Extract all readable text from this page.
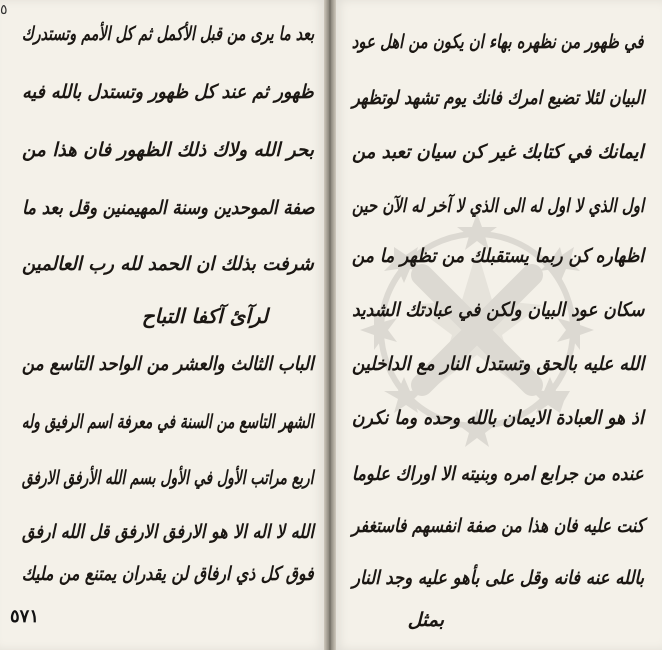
٥
بعد ما يرى من قبل الأكمل ثم كل الأمم وتستدرك
ظهور ثم عند كل ظهور وتستدل بالله فيه
بحر الله ولاك ذلك الظهور فان هذا من
صفة الموحدين وسنة المهيمنين وقل بعد ما
شرفت بذلك ان الحمد لله رب العالمين
لرآئ آكفا التباح
الباب الثالث والعشر من الواحد التاسع من
الشهر التاسع من السنة في معرفة اسم الرفيق وله
اربع مراتب الأول في الأول بسم الله الأرفق الارفق
الله لا اله الا هو الارفق الارفق قل الله ارفق
فوق كل ذي ارفاق لن يقدران يمتنع من مليك
في ظهور من نظهره بهاء ان يكون من اهل عود
البيان لئلا تضيع امرك فانك يوم تشهد لوتظهر
ايمانك في كتابك غير كن سيان تعبد من
اول الذي لا اول له الى الذي لا آخر له الآن حين
اظهاره كن ربما يستقبلك من تظهر ما من
سكان عود البيان ولكن في عبادتك الشديد
الله عليه بالحق وتستدل النار مع الداخلين
اذ هو العبادة الايمان بالله وحده وما نكرن
عنده من جرابع امره وبنيته الا اوراك علوما
كنت عليه فان هذا من صفة انفسهم فاستغفر
بالله عنه فانه وقل على بأهو عليه وجد النار
بمثل
٥٧١
